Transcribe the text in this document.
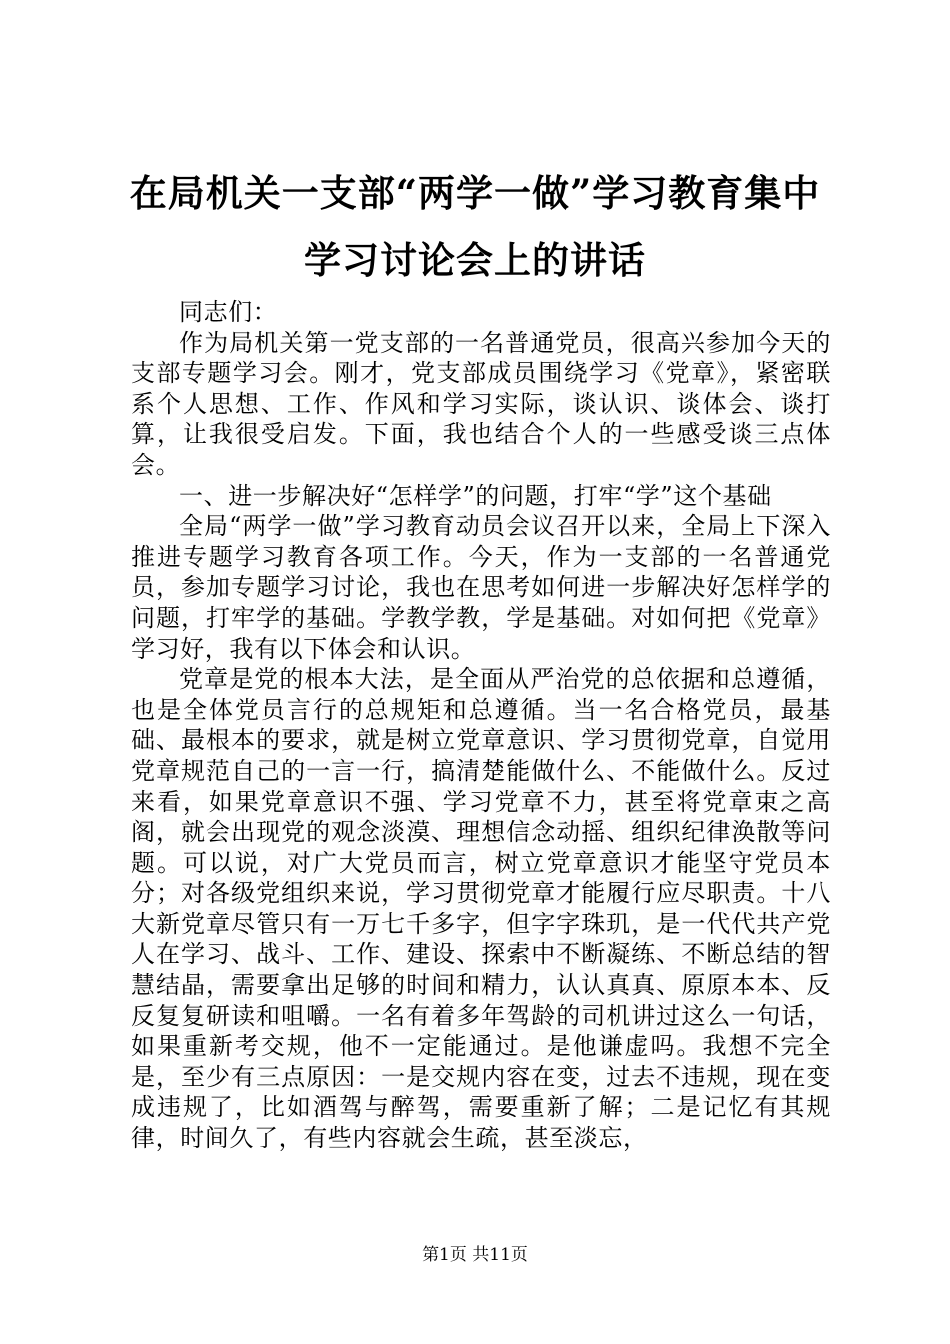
在局机关一支部“两学一做”学习教育集中学习讨论会上的讲话

同志们：

作为局机关第一党支部的一名普通党员，很高兴参加今天的支部专题学习会。刚才，党支部成员围绕学习《党章》，紧密联系个人思想、工作、作风和学习实际，谈认识、谈体会、谈打算，让我很受启发。下面，我也结合个人的一些感受谈三点体会。

一、进一步解决好“怎样学”的问题，打牢“学”这个基础

全局“两学一做”学习教育动员会议召开以来，全局上下深入推进专题学习教育各项工作。今天，作为一支部的一名普通党员，参加专题学习讨论，我也在思考如何进一步解决好怎样学的问题，打牢学的基础。学教学教，学是基础。对如何把《党章》学习好，我有以下体会和认识。

党章是党的根本大法，是全面从严治党的总依据和总遵循，也是全体党员言行的总规矩和总遵循。当一名合格党员，最基础、最根本的要求，就是树立党章意识、学习贯彻党章，自觉用党章规范自己的一言一行，搞清楚能做什么、不能做什么。反过来看，如果党章意识不强、学习党章不力，甚至将党章束之高阁，就会出现党的观念淡漠、理想信念动摇、组织纪律涣散等问题。可以说，对广大党员而言，树立党章意识才能坚守党员本分；对各级党组织来说，学习贯彻党章才能履行应尽职责。十八大新党章尽管只有一万七千多字，但字字珠玑，是一代代共产党人在学习、战斗、工作、建设、探索中不断凝练、不断总结的智慧结晶，需要拿出足够的时间和精力，认认真真、原原本本、反反复复研读和咀嚼。一名有着多年驾龄的司机讲过这么一句话，如果重新考交规，他不一定能通过。是他谦虚吗。我想不完全是，至少有三点原因：一是交规内容在变，过去不违规，现在变成违规了，比如酒驾与醉驾，需要重新了解；二是记忆有其规律，时间久了，有些内容就会生疏，甚至淡忘，

第1页 共11页
